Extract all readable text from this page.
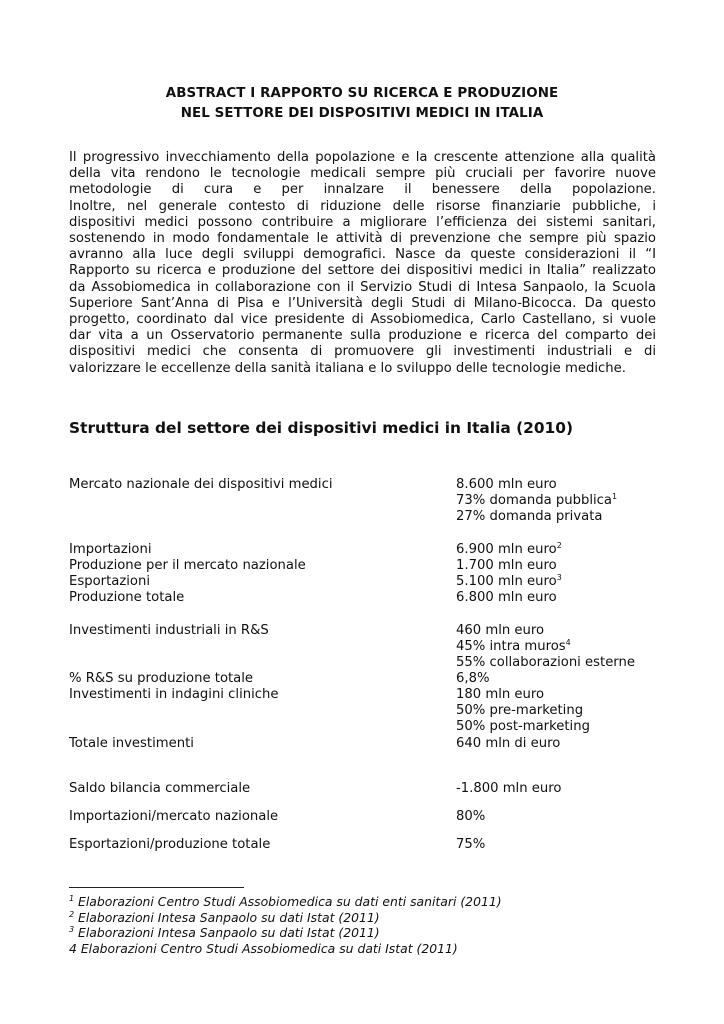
ABSTRACT I RAPPORTO SU RICERCA E PRODUZIONE
NEL SETTORE DEI DISPOSITIVI MEDICI IN ITALIA
Il progressivo invecchiamento della popolazione e la crescente attenzione alla qualità
della vita rendono le tecnologie medicali sempre più cruciali per favorire nuove
metodologie di cura e per innalzare il benessere della popolazione.
Inoltre, nel generale contesto di riduzione delle risorse finanziarie pubbliche, i
dispositivi medici possono contribuire a migliorare l’efficienza dei sistemi sanitari,
sostenendo in modo fondamentale le attività di prevenzione che sempre più spazio
avranno alla luce degli sviluppi demografici. Nasce da queste considerazioni il “I
Rapporto su ricerca e produzione del settore dei dispositivi medici in Italia” realizzato
da Assobiomedica in collaborazione con il Servizio Studi di Intesa Sanpaolo, la Scuola
Superiore Sant’Anna di Pisa e l’Università degli Studi di Milano-Bicocca. Da questo
progetto, coordinato dal vice presidente di Assobiomedica, Carlo Castellano, si vuole
dar vita a un Osservatorio permanente sulla produzione e ricerca del comparto dei
dispositivi medici che consenta di promuovere gli investimenti industriali e di
valorizzare le eccellenze della sanità italiana e lo sviluppo delle tecnologie mediche.
Struttura del settore dei dispositivi medici in Italia (2010)
Mercato nazionale dei dispositivi medici	8.600 mln euro
73% domanda pubblica$^1$
27% domanda privata
Importazioni	6.900 mln euro$^2$
Produzione per il mercato nazionale	1.700 mln euro
Esportazioni	5.100 mln euro$^3$
Produzione totale	6.800 mln euro
Investimenti industriali in R&S	460 mln euro
45% intra muros$^4$
55% collaborazioni esterne
% R&S su produzione totale	6,8%
Investimenti in indagini cliniche	180 mln euro
50% pre-marketing
50% post-marketing
Totale investimenti	640 mln di euro
Saldo bilancia commerciale	-1.800 mln euro
Importazioni/mercato nazionale	80%
Esportazioni/produzione totale	75%
$^1$ Elaborazioni Centro Studi Assobiomedica su dati enti sanitari (2011)
$^2$ Elaborazioni Intesa Sanpaolo su dati Istat (2011)
$^3$ Elaborazioni Intesa Sanpaolo su dati Istat (2011)
4 Elaborazioni Centro Studi Assobiomedica su dati Istat (2011)
